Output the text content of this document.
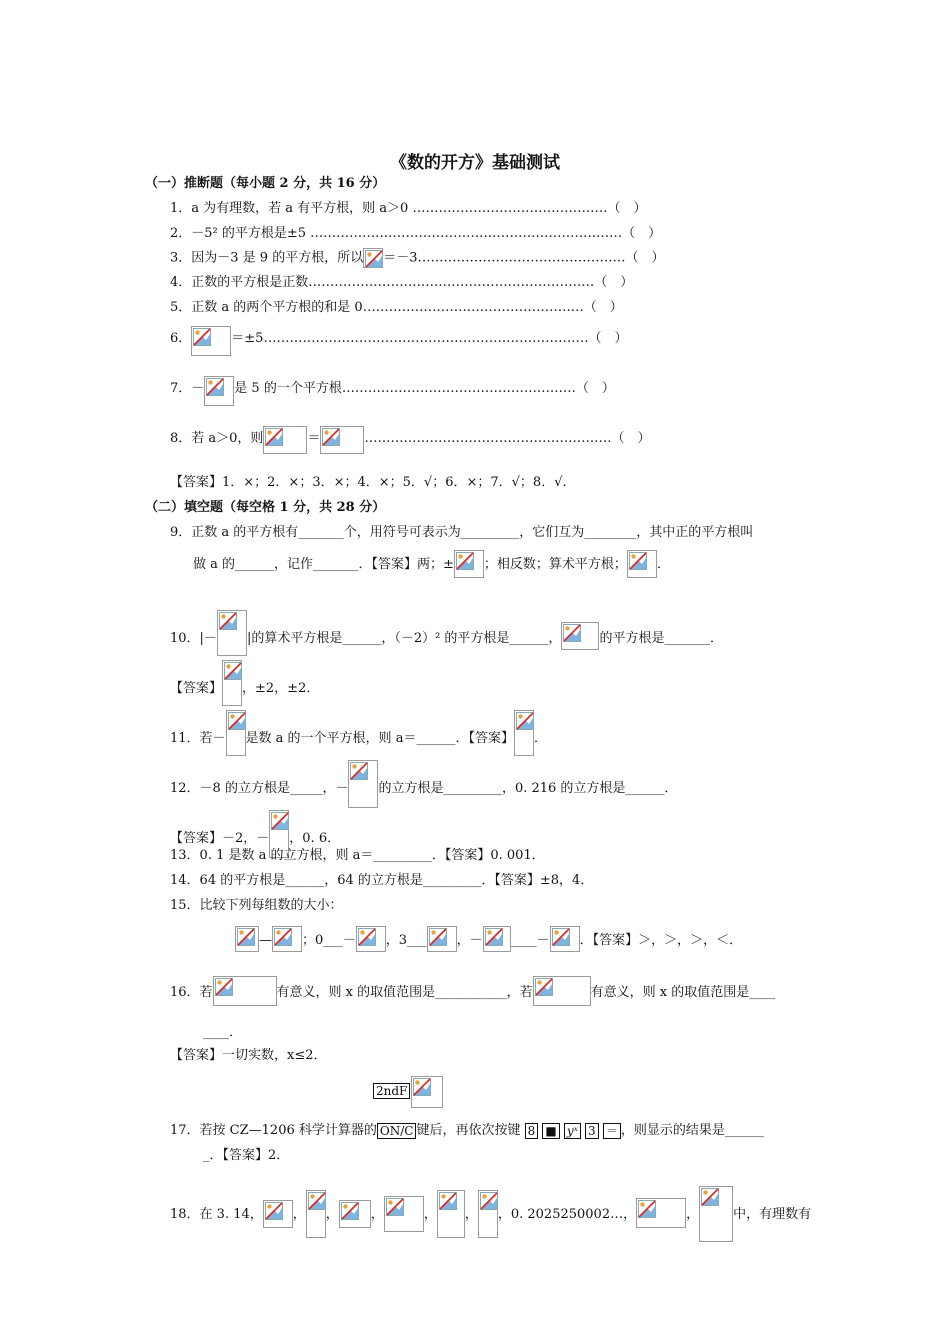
《数的开方》基础测试
（一）推断题（每小题 2 分，共 16 分）
1．a 为有理数，若 a 有平方根，则 a＞0 ………………………………………（　）
2．－5² 的平方根是±5 ………………………………………………………………（　）
3．因为－3 是 9 的平方根，所以 ＝－3…………………………………………（　）
4．正数的平方根是正数…………………………………………………………（　）
5．正数 a 的两个平方根的和是 0……………………………………………（　）
6．	＝±5…………………………………………………………………（　）
7．－ 是 5 的一个平方根………………………………………………（　）
8．若 a＞0，则	＝	…………………………………………………（　）
【答案】1．×；2．×；3．×；4．×；5．√；6．×；7．√；8．√．
（二）填空题（每空格 1 分，共 28 分）
9．正数 a 的平方根有_______个，用符号可表示为_________，它们互为________，其中正的平方根叫
做 a 的______，记作_______．【答案】两；± ；相反数；算术平方根； ．
10．|－ |的算术平方根是______，（－2）² 的平方根是______，	的平方根是_______．
【答案】 ，±2，±2．
11．若－ 是数 a 的一个平方根，则 a＝______．【答案】 ．
12．－8 的立方根是_____，－ 的立方根是_________，0. 216 的立方根是______．
【答案】－2，－ ，0. 6．
13．0. 1 是数 a 的立方根，则 a＝_________．【答案】0. 001．
14．64 的平方根是______，64 的立方根是_________．【答案】±8，4．
15．比较下列每组数的大小：
— ；0___－ ，3___ ，－ ____－ ．【答案】＞，＞，＞，＜．
16．若	有意义，则 x 的取值范围是___________，若	有意义，则 x 的取值范围是____
____．
【答案】一切实数，x≤2．
2ndF
17．若按 CZ—1206 科学计算器的 ON/C 键后，再依次按键 8 ■ yˣ 3 ＝ ，则显示的结果是______
_．【答案】2．
18．在 3. 14， ， ， ，	， ， ，0. 2025250002…，	，	中，有理数有
